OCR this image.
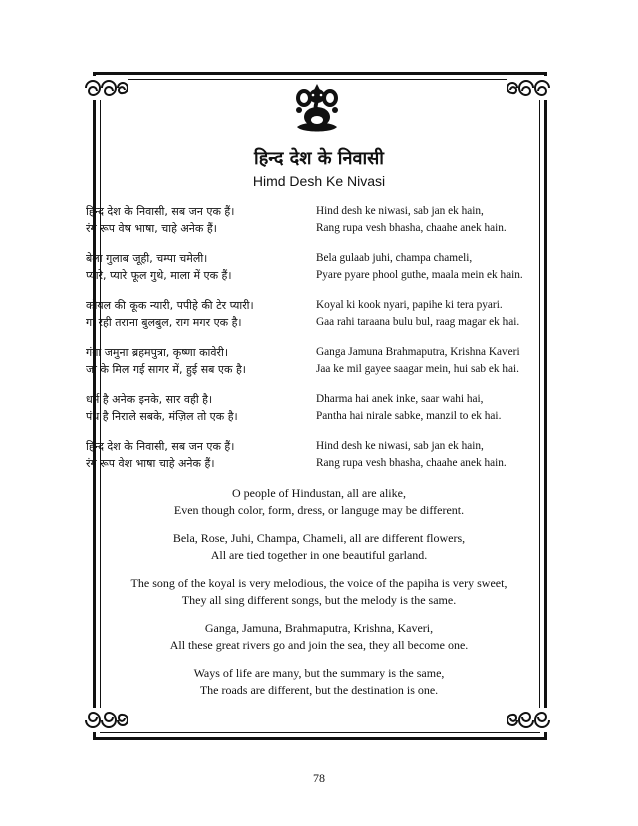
हिन्द देश के निवासी
Himd Desh Ke Nivasi
हिन्द देश के निवासी, सब जन एक हैं।
रंग रूप वेष भाषा, चाहे अनेक हैं।
Hind desh ke niwasi, sab jan ek hain,
Rang rupa vesh bhasha, chaahe anek hain.
बेला गुलाब जूही, चम्पा चमेली।
प्यारे, प्यारे फूल गुथे, माला में एक हैं।
Bela gulaab juhi, champa chameli,
Pyare pyare phool guthe, maala mein ek hain.
कोयल की कूक न्यारी, पपीहे की टेर प्यारी।
गा रही तराना बुलबुल, राग मगर एक है।
Koyal ki kook nyari, papihe ki tera pyari.
Gaa rahi taraana bulu bul, raag magar ek hai.
गंगा जमुना ब्रहमपुत्रा, कृष्णा कावेरी।
जा के मिल गई सागर में, हुई सब एक है।
Ganga Jamuna Brahmaputra, Krishna Kaveri
Jaa ke mil gayee saagar mein, hui sab ek hai.
धर्म है अनेक इनके, सार वही है।
पंथ है निराले सबके, मंज़िल तो एक है।
Dharma hai anek inke, saar wahi hai,
Pantha hai nirale sabke, manzil to ek hai.
हिन्द देश के निवासी, सब जन एक हैं।
रंग रूप वेश भाषा चाहे अनेक हैं।
Hind desh ke niwasi, sab jan ek hain,
Rang rupa vesh bhasha, chaahe anek hain.

O people of Hindustan, all are alike,
Even though color, form, dress, or languge may be different.

Bela, Rose, Juhi, Champa, Chameli, all are different flowers,
All are tied together in one beautiful garland.

The song of the koyal is very melodious, the voice of the papiha is very sweet,
They all sing different songs, but the melody is the same.

Ganga, Jamuna, Brahmaputra, Krishna, Kaveri,
All these great rivers go and join the sea, they all become one.

Ways of life are many, but the summary is the same,
The roads are different, but the destination is one.

78
